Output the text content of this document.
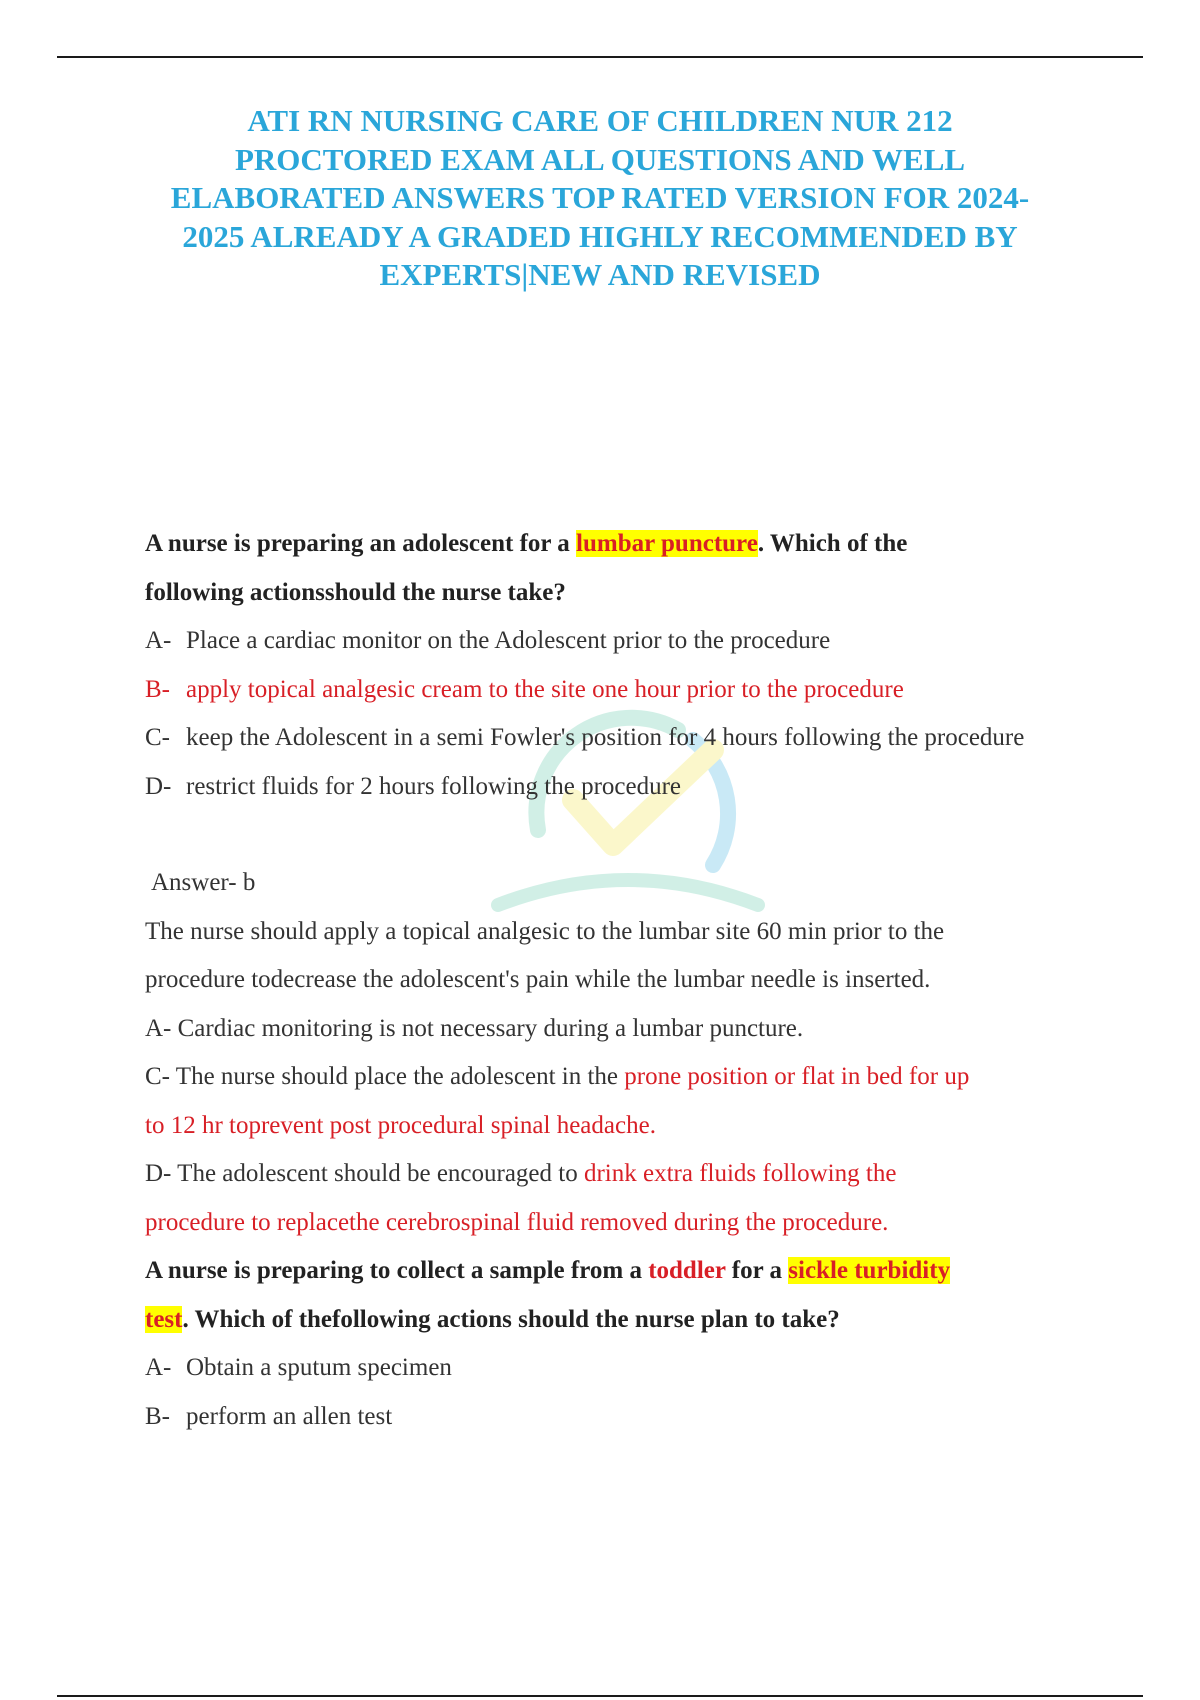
ATI RN NURSING CARE OF CHILDREN NUR 212
PROCTORED EXAM ALL QUESTIONS AND WELL
ELABORATED ANSWERS TOP RATED VERSION FOR 2024-
2025 ALREADY A GRADED HIGHLY RECOMMENDED BY
EXPERTS|NEW AND REVISED
A nurse is preparing an adolescent for a lumbar puncture. Which of the
following actionsshould the nurse take?
A- Place a cardiac monitor on the Adolescent prior to the procedure
B- apply topical analgesic cream to the site one hour prior to the procedure
C- keep the Adolescent in a semi Fowler's position for 4 hours following the procedure
D- restrict fluids for 2 hours following the procedure
Answer- b
The nurse should apply a topical analgesic to the lumbar site 60 min prior to the
procedure todecrease the adolescent's pain while the lumbar needle is inserted.
A- Cardiac monitoring is not necessary during a lumbar puncture.
C- The nurse should place the adolescent in the prone position or flat in bed for up
to 12 hr toprevent post procedural spinal headache.
D- The adolescent should be encouraged to drink extra fluids following the
procedure to replacethe cerebrospinal fluid removed during the procedure.
A nurse is preparing to collect a sample from a toddler for a sickle turbidity
test. Which of thefollowing actions should the nurse plan to take?
A- Obtain a sputum specimen
B- perform an allen test
